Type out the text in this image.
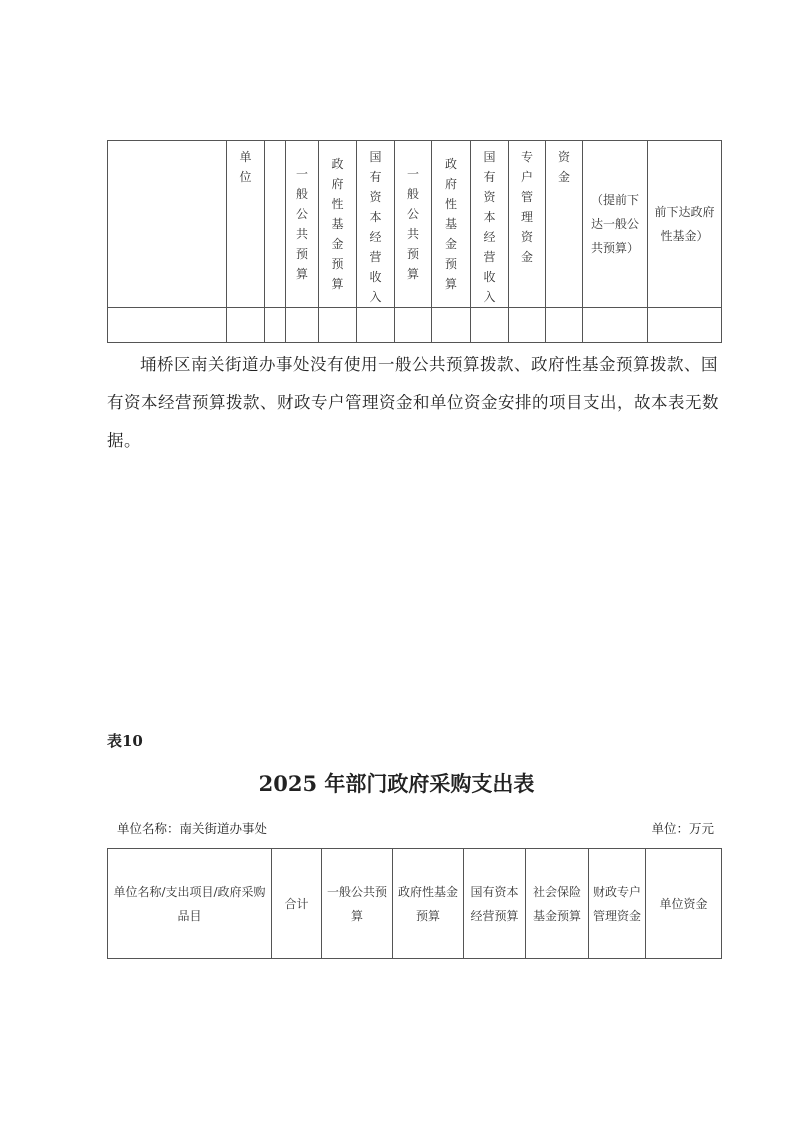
埇桥区南关街道办事处没有使用一般公共预算拨款、政府性基金预算拨款、国有资本经营预算拨款、财政专户管理资金和单位资金安排的项目支出，故本表无数据。
表10
2025 年部门政府采购支出表
单位名称：南关街道办事处	单位：万元
单位	一般公共预算
政府性基金预算
国有资本经营收入
一般公共预算
政府性基金预算
国有资本经营收入
专户管理资金
资金
（提前下达一般公共预算）
前下达政府性基金）
单位名称/支出项目/政府采购品目
合计
一般公共预算
政府性基金预算
国有资本经营预算
社会保险基金预算
财政专户管理资金
单位资金
